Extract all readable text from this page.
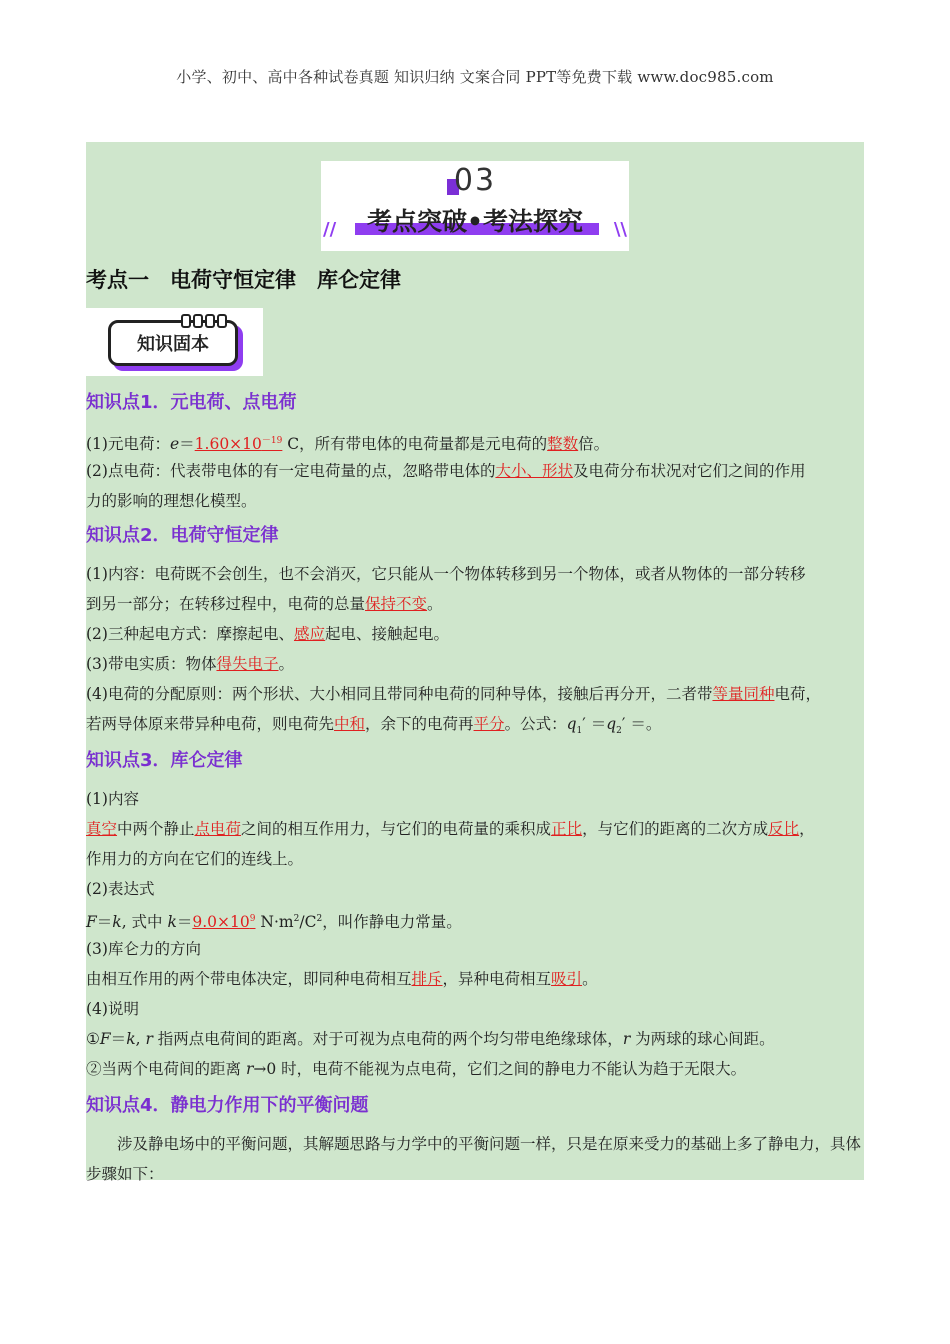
小学、初中、高中各种试卷真题 知识归纳 文案合同 PPT等免费下载 www.doc985.com
03
考点突破•考法探究
//	\\
考点一　电荷守恒定律　库仑定律
知识固本
知识点1．元电荷、点电荷
(1)元电荷：$e=1.60\times 10^{-19}$ C，所有带电体的电荷量都是元电荷的整数倍。
(2)点电荷：代表带电体的有一定电荷量的点，忽略带电体的大小、形状及电荷分布状况对它们之间的作用
力的影响的理想化模型。
知识点2．电荷守恒定律
(1)内容：电荷既不会创生，也不会消灭，它只能从一个物体转移到另一个物体，或者从物体的一部分转移
到另一部分；在转移过程中，电荷的总量保持不变。
(2)三种起电方式：摩擦起电、感应起电、接触起电。
(3)带电实质：物体得失电子。
(4)电荷的分配原则：两个形状、大小相同且带同种电荷的同种导体，接触后再分开，二者带等量同种电荷，
若两导体原来带异种电荷，则电荷先中和，余下的电荷再平分。公式：$q_1' =q_2'$ ＝。
知识点3．库仑定律
(1)内容
真空中两个静止点电荷之间的相互作用力，与它们的电荷量的乘积成正比，与它们的距离的二次方成反比，
作用力的方向在它们的连线上。
(2)表达式
F＝k, 式中 $k=9.0\times 10^9$ $N\cdot m^2/C^2$，叫作静电力常量。
(3)库仑力的方向
由相互作用的两个带电体决定，即同种电荷相互排斥，异种电荷相互吸引。
(4)说明
①F＝k, r 指两点电荷间的距离。对于可视为点电荷的两个均匀带电绝缘球体，r 为两球的球心间距。
②当两个电荷间的距离 r→0 时，电荷不能视为点电荷，它们之间的静电力不能认为趋于无限大。
知识点4．静电力作用下的平衡问题
涉及静电场中的平衡问题，其解题思路与力学中的平衡问题一样，只是在原来受力的基础上多了静电力，具体步骤如下：
